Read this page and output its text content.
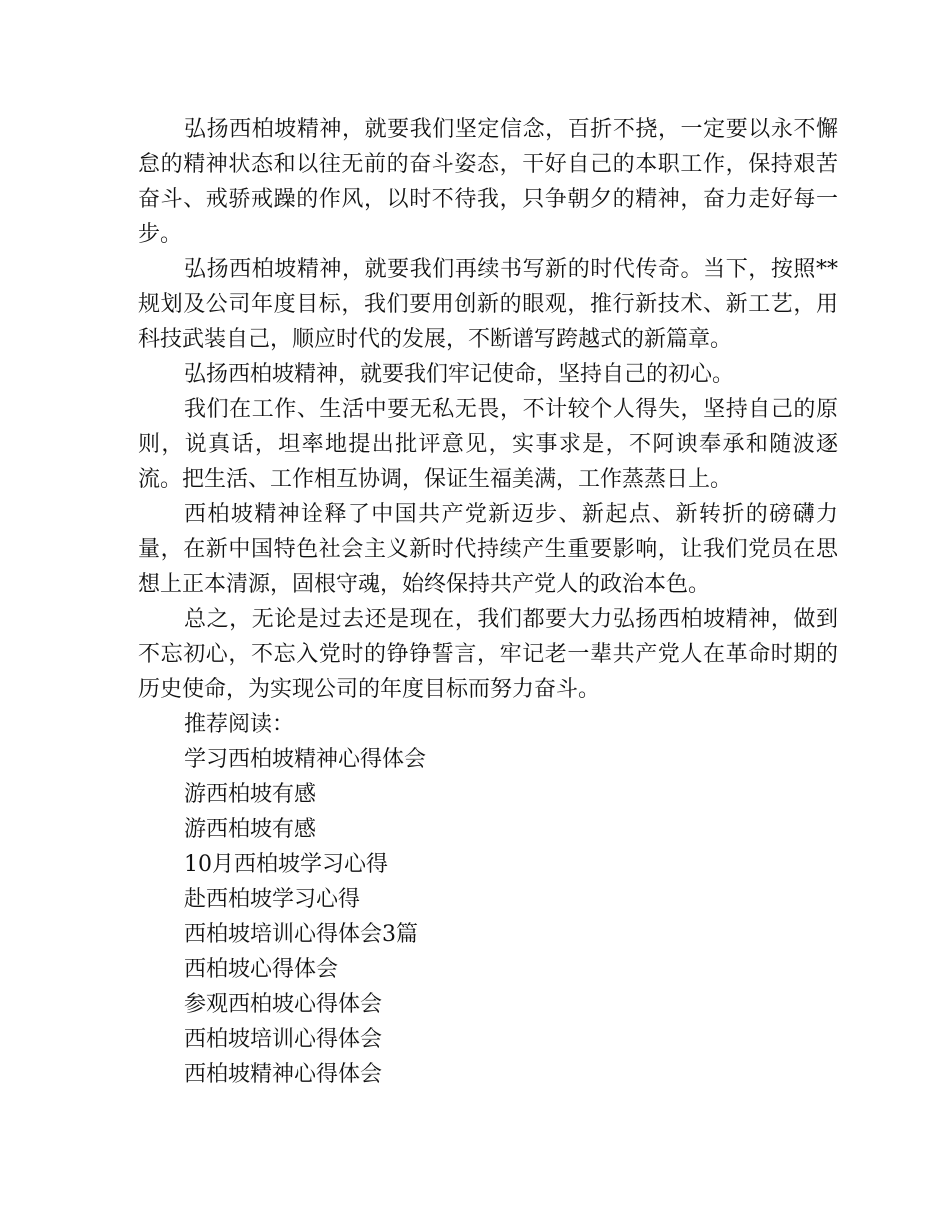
弘扬西柏坡精神，就要我们坚定信念，百折不挠，一定要以永不懈怠的精神状态和以往无前的奋斗姿态，干好自己的本职工作，保持艰苦奋斗、戒骄戒躁的作风，以时不待我，只争朝夕的精神，奋力走好每一步。

弘扬西柏坡精神，就要我们再续书写新的时代传奇。当下，按照**规划及公司年度目标，我们要用创新的眼观，推行新技术、新工艺，用科技武装自己，顺应时代的发展，不断谱写跨越式的新篇章。

弘扬西柏坡精神，就要我们牢记使命，坚持自己的初心。

我们在工作、生活中要无私无畏，不计较个人得失，坚持自己的原则，说真话，坦率地提出批评意见，实事求是，不阿谀奉承和随波逐流。把生活、工作相互协调，保证生福美满，工作蒸蒸日上。

西柏坡精神诠释了中国共产党新迈步、新起点、新转折的磅礴力量，在新中国特色社会主义新时代持续产生重要影响，让我们党员在思想上正本清源，固根守魂，始终保持共产党人的政治本色。

总之，无论是过去还是现在，我们都要大力弘扬西柏坡精神，做到不忘初心，不忘入党时的铮铮誓言，牢记老一辈共产党人在革命时期的历史使命，为实现公司的年度目标而努力奋斗。

推荐阅读：
学习西柏坡精神心得体会
游西柏坡有感
游西柏坡有感
10月西柏坡学习心得
赴西柏坡学习心得
西柏坡培训心得体会3篇
西柏坡心得体会
参观西柏坡心得体会
西柏坡培训心得体会
西柏坡精神心得体会
